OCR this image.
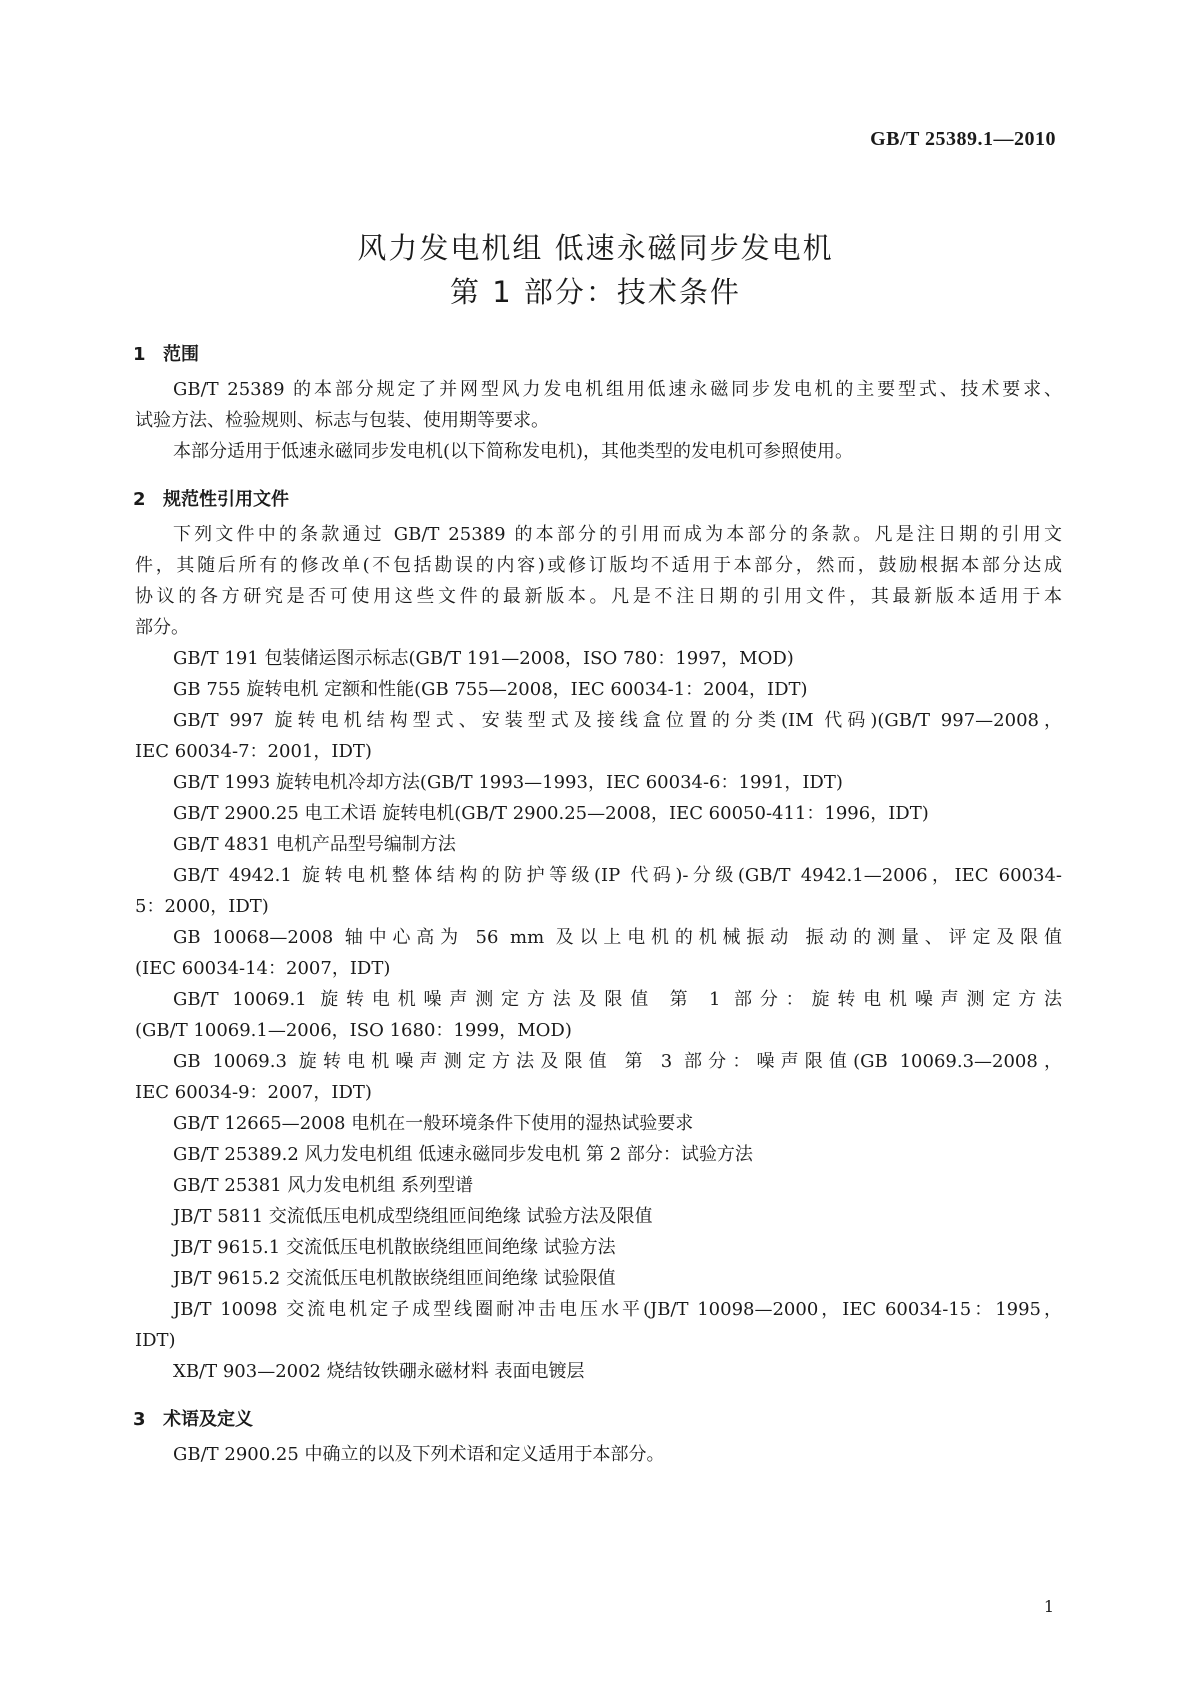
GB/T 25389.1—2010
风力发电机组 低速永磁同步发电机
第 1 部分：技术条件
1 范围
GB/T 25389 的本部分规定了并网型风力发电机组用低速永磁同步发电机的主要型式、技术要求、
试验方法、检验规则、标志与包装、使用期等要求。
本部分适用于低速永磁同步发电机(以下简称发电机)，其他类型的发电机可参照使用。
2 规范性引用文件
下列文件中的条款通过 GB/T 25389 的本部分的引用而成为本部分的条款。凡是注日期的引用文
件，其随后所有的修改单(不包括勘误的内容)或修订版均不适用于本部分，然而，鼓励根据本部分达成
协议的各方研究是否可使用这些文件的最新版本。凡是不注日期的引用文件，其最新版本适用于本
部分。
GB/T 191 包装储运图示标志(GB/T 191—2008，ISO 780：1997，MOD)
GB 755 旋转电机 定额和性能(GB 755—2008，IEC 60034-1：2004，IDT)
GB/T 997 旋转电机结构型式、安装型式及接线盒位置的分类(IM 代码)(GB/T 997—2008，
IEC 60034-7：2001，IDT)
GB/T 1993 旋转电机冷却方法(GB/T 1993—1993，IEC 60034-6：1991，IDT)
GB/T 2900.25 电工术语 旋转电机(GB/T 2900.25—2008，IEC 60050-411：1996，IDT)
GB/T 4831 电机产品型号编制方法
GB/T 4942.1 旋转电机整体结构的防护等级(IP 代码)-分级(GB/T 4942.1—2006，IEC 60034-
5：2000，IDT)
GB 10068—2008 轴中心高为 56 mm 及以上电机的机械振动 振动的测量、评定及限值
(IEC 60034-14：2007，IDT)
GB/T 10069.1 旋转电机噪声测定方法及限值 第 1 部分：旋转电机噪声测定方法
(GB/T 10069.1—2006，ISO 1680：1999，MOD)
GB 10069.3 旋转电机噪声测定方法及限值 第 3 部分：噪声限值(GB 10069.3—2008，
IEC 60034-9：2007，IDT)
GB/T 12665—2008 电机在一般环境条件下使用的湿热试验要求
GB/T 25389.2 风力发电机组 低速永磁同步发电机 第 2 部分：试验方法
GB/T 25381 风力发电机组 系列型谱
JB/T 5811 交流低压电机成型绕组匝间绝缘 试验方法及限值
JB/T 9615.1 交流低压电机散嵌绕组匝间绝缘 试验方法
JB/T 9615.2 交流低压电机散嵌绕组匝间绝缘 试验限值
JB/T 10098 交流电机定子成型线圈耐冲击电压水平(JB/T 10098—2000，IEC 60034-15：1995，
IDT)
XB/T 903—2002 烧结钕铁硼永磁材料 表面电镀层
3 术语及定义
GB/T 2900.25 中确立的以及下列术语和定义适用于本部分。
1
